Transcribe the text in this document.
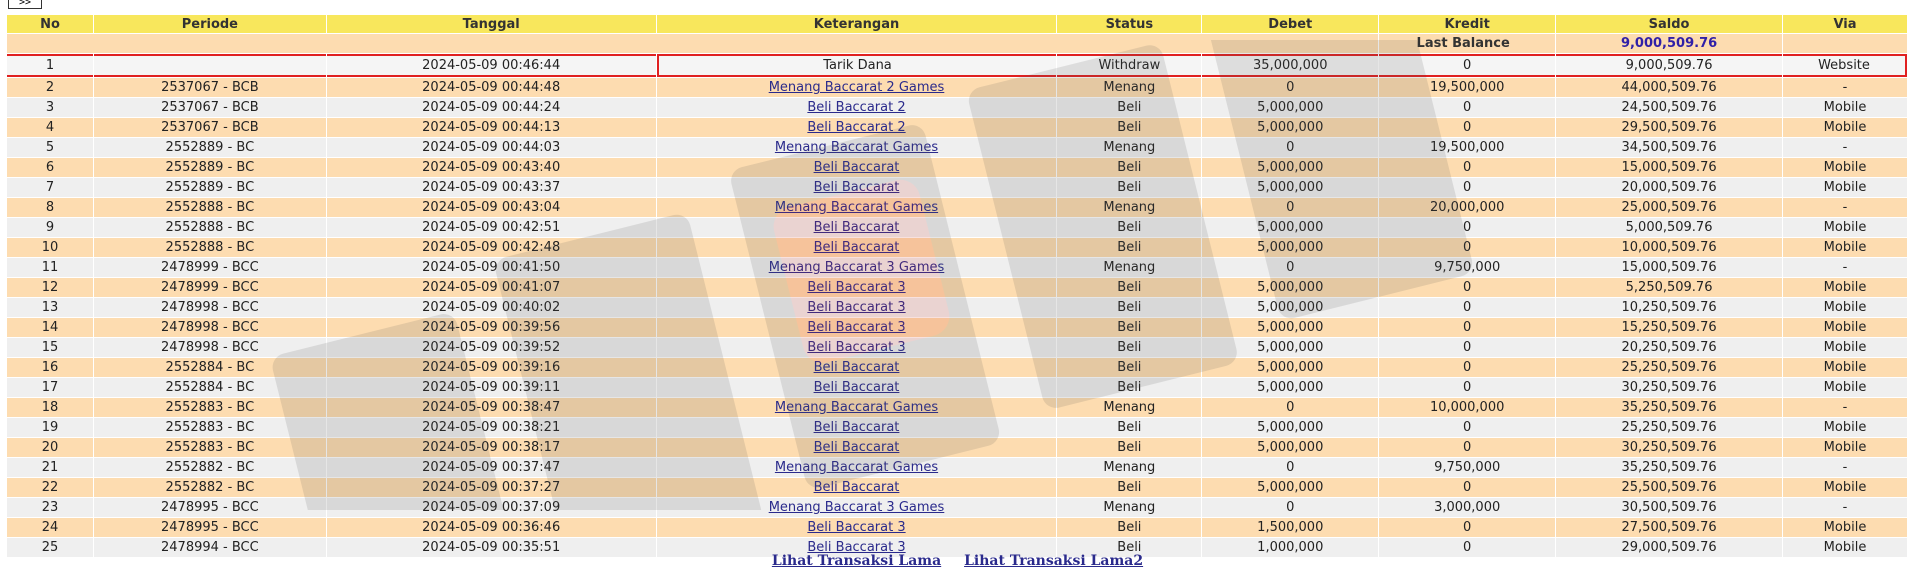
>>
No	Periode	Tanggal	Keterangan	Status	Debet	Kredit	Saldo	Via
						Last Balance	9,000,509.76	
1		2024-05-09 00:46:44	Tarik Dana	Withdraw	35,000,000	0	9,000,509.76	Website
2	2537067 - BCB	2024-05-09 00:44:48	Menang Baccarat 2 Games	Menang	0	19,500,000	44,000,509.76	-
3	2537067 - BCB	2024-05-09 00:44:24	Beli Baccarat 2	Beli	5,000,000	0	24,500,509.76	Mobile
4	2537067 - BCB	2024-05-09 00:44:13	Beli Baccarat 2	Beli	5,000,000	0	29,500,509.76	Mobile
5	2552889 - BC	2024-05-09 00:44:03	Menang Baccarat Games	Menang	0	19,500,000	34,500,509.76	-
6	2552889 - BC	2024-05-09 00:43:40	Beli Baccarat	Beli	5,000,000	0	15,000,509.76	Mobile
7	2552889 - BC	2024-05-09 00:43:37	Beli Baccarat	Beli	5,000,000	0	20,000,509.76	Mobile
8	2552888 - BC	2024-05-09 00:43:04	Menang Baccarat Games	Menang	0	20,000,000	25,000,509.76	-
9	2552888 - BC	2024-05-09 00:42:51	Beli Baccarat	Beli	5,000,000	0	5,000,509.76	Mobile
10	2552888 - BC	2024-05-09 00:42:48	Beli Baccarat	Beli	5,000,000	0	10,000,509.76	Mobile
11	2478999 - BCC	2024-05-09 00:41:50	Menang Baccarat 3 Games	Menang	0	9,750,000	15,000,509.76	-
12	2478999 - BCC	2024-05-09 00:41:07	Beli Baccarat 3	Beli	5,000,000	0	5,250,509.76	Mobile
13	2478998 - BCC	2024-05-09 00:40:02	Beli Baccarat 3	Beli	5,000,000	0	10,250,509.76	Mobile
14	2478998 - BCC	2024-05-09 00:39:56	Beli Baccarat 3	Beli	5,000,000	0	15,250,509.76	Mobile
15	2478998 - BCC	2024-05-09 00:39:52	Beli Baccarat 3	Beli	5,000,000	0	20,250,509.76	Mobile
16	2552884 - BC	2024-05-09 00:39:16	Beli Baccarat	Beli	5,000,000	0	25,250,509.76	Mobile
17	2552884 - BC	2024-05-09 00:39:11	Beli Baccarat	Beli	5,000,000	0	30,250,509.76	Mobile
18	2552883 - BC	2024-05-09 00:38:47	Menang Baccarat Games	Menang	0	10,000,000	35,250,509.76	-
19	2552883 - BC	2024-05-09 00:38:21	Beli Baccarat	Beli	5,000,000	0	25,250,509.76	Mobile
20	2552883 - BC	2024-05-09 00:38:17	Beli Baccarat	Beli	5,000,000	0	30,250,509.76	Mobile
21	2552882 - BC	2024-05-09 00:37:47	Menang Baccarat Games	Menang	0	9,750,000	35,250,509.76	-
22	2552882 - BC	2024-05-09 00:37:27	Beli Baccarat	Beli	5,000,000	0	25,500,509.76	Mobile
23	2478995 - BCC	2024-05-09 00:37:09	Menang Baccarat 3 Games	Menang	0	3,000,000	30,500,509.76	-
24	2478995 - BCC	2024-05-09 00:36:46	Beli Baccarat 3	Beli	1,500,000	0	27,500,509.76	Mobile
25	2478994 - BCC	2024-05-09 00:35:51	Beli Baccarat 3	Beli	1,000,000	0	29,000,509.76	Mobile
Lihat Transaksi Lama Lihat Transaksi Lama2
